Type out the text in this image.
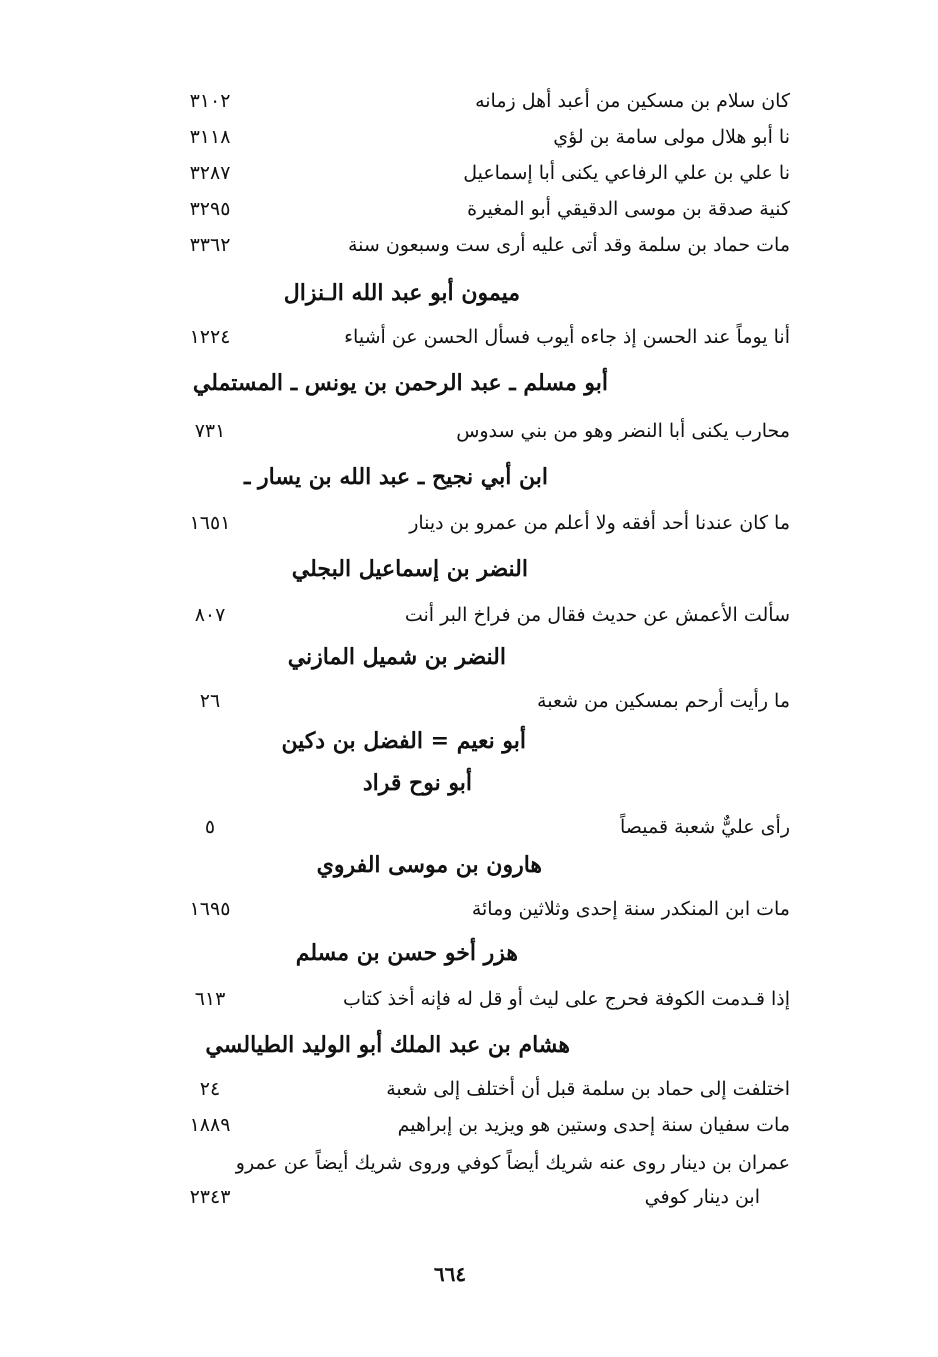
كان سلام بن مسكين من أعبد أهل زمانه
٣١٠٢
نا أبو هلال مولى سامة بن لؤي
٣١١٨
نا علي بن علي الرفاعي يكنى أبا إسماعيل
٣٢٨٧
كنية صدقة بن موسى الدقيقي أبو المغيرة
٣٢٩٥
مات حماد بن سلمة وقد أتى عليه أرى ست وسبعون سنة
٣٣٦٢
ميمون أبو عبد الله الـنزال
أنا يوماً عند الحسن إذ جاءه أيوب فسأل الحسن عن أشياء
١٢٢٤
أبو مسلم ـ عبد الرحمن بن يونس ـ المستملي
محارب يكنى أبا النضر وهو من بني سدوس
٧٣١
ابن أبي نجيح ـ عبد الله بن يسار ـ
ما كان عندنا أحد أفقه ولا أعلم من عمرو بن دينار
١٦٥١
النضر بن إسماعيل البجلي
سألت الأعمش عن حديث فقال من فراخ البر أنت
٨٠٧
النضر بن شميل المازني
ما رأيت أرحم بمسكين من شعبة
٢٦
أبو نعيم = الفضل بن دكين
أبو نوح قراد
رأى عليٌّ شعبة قميصاً
٥
هارون بن موسى الفروي
مات ابن المنكدر سنة إحدى وثلاثين ومائة
١٦٩٥
هزر أخو حسن بن مسلم
إذا قـدمت الكوفة فحرج على ليث أو قل له فإنه أخذ كتاب
٦١٣
هشام بن عبد الملك أبو الوليد الطيالسي
اختلفت إلى حماد بن سلمة قبل أن أختلف إلى شعبة
٢٤
مات سفيان سنة إحدى وستين هو ويزيد بن إبراهيم
١٨٨٩
عمران بن دينار روى عنه شريك أيضاً كوفي وروى شريك أيضاً عن عمرو
ابن دينار كوفي
٢٣٤٣
٦٦٤
